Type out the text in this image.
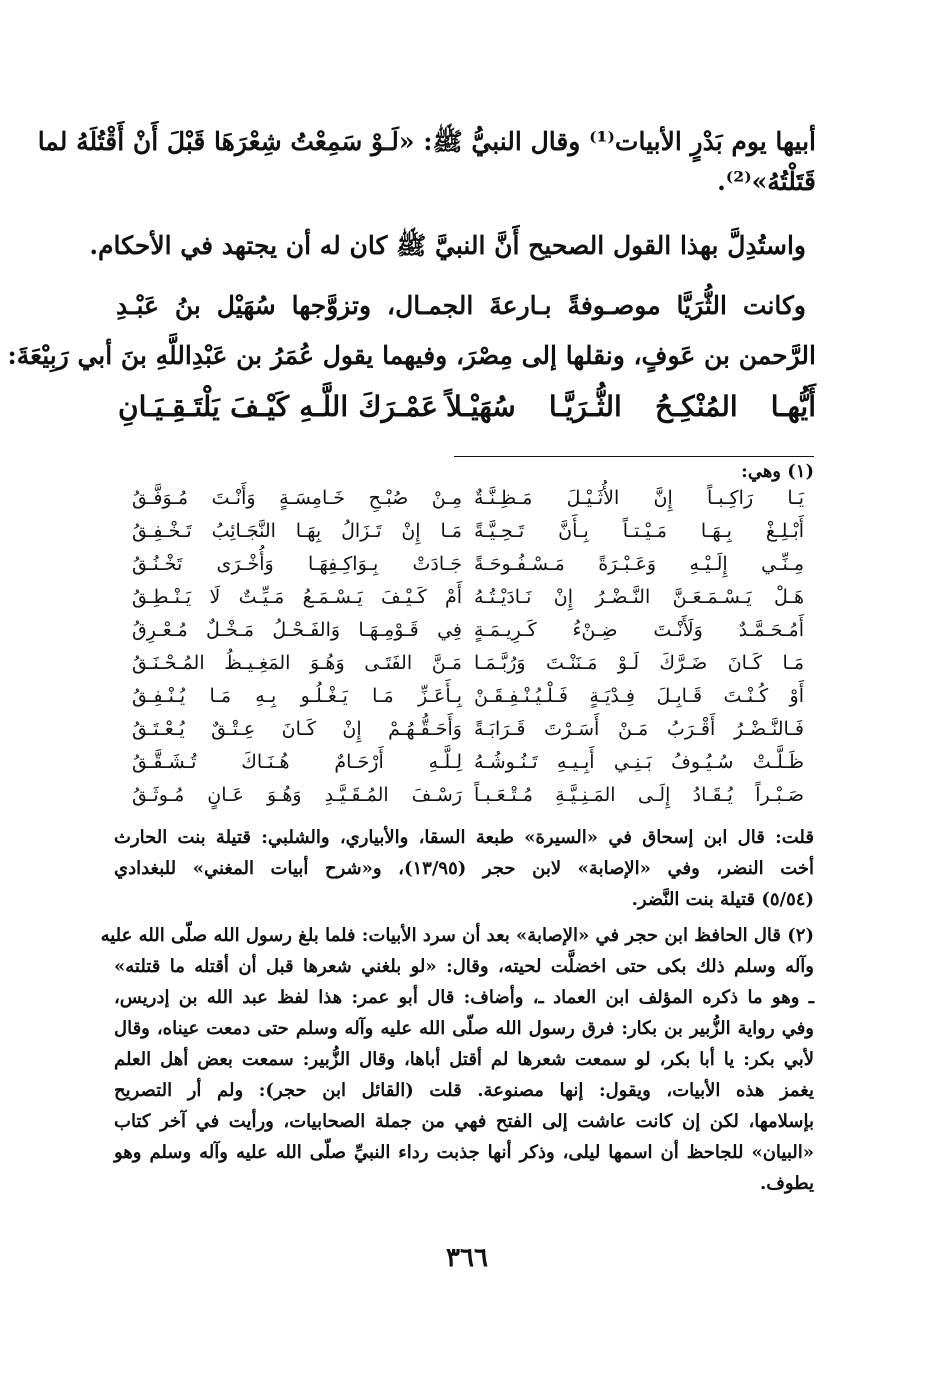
أبيها يوم بَدْرٍ الأبيات⁽¹⁾ وقال النبيُّ ﷺ: «لَـوْ سَمِعْتُ شِعْرَهَا قَبْلَ أَنْ أَقْتُلَهُ لما
قَتَلْتُهُ»⁽²⁾.
واستُدِلَّ بهذا القول الصحيح أَنَّ النبيَّ ﷺ كان له أن يجتهد في الأحكام.
وكانت الثُّرَيَّا موصـوفةً بـارعةَ الجمـال، وتزوَّجها سُهَيْل بنُ عَبْـدِ
الرَّحمن بن عَوفٍ، ونقلها إلى مِصْرَ، وفيهما يقول عُمَرُ بن عَبْدِاللَّهِ بنَ أبي رَبِيْعَةَ:
أَيُّهـا المُنْكِـحُ الثُّـرَيَّـا سُهَيْـلاً
عَمْـرَكَ اللَّـهِ كَيْـفَ يَلْتَـقِـيَـانِ
(١) وهي:
يَـا رَاكِـبـاً إِنَّ الأُثَـيْـلَ مَـظِـنَّـةٌ
أَبْـلِـغْ بِـهَـا مَـيْـتـاً بِـأَنَّ تَـحِـيَّـةً
مِـنِّـي إِلَـيْـهِ وَعَـبْـرَةً مَـسْـفُـوحَـةً
هَـلْ يَـسْـمَـعَـنَّ النَّـضْـرُ إِنْ نَـادَيْـتُـهُ
أَمُـحَـمَّـدٌ وَلَأَنْـتَ ضِـنْءُ كَـرِيـمَـةٍ
مَـا كَـانَ ضَـرَّكَ لَـوْ مَـنَنْـتَ وَرُبَّـمَـا
أَوْ كُـنْـتَ قَـابِـلَ فِـدْيَـةٍ فَـلْـيُـنْـفِـقَـنْ
فَـالنَّـضْـرُ أَقْـرَبُ مَـنْ أَسَـرْتَ قَـرَابَـةً
ظَـلَّـتْ سُـيُـوفُ بَـنِـي أَبِـيـهِ تَـنُـوشُـهُ
صَـبْـراً يُـقَـادُ إِلَـى المَـنِـيَّـةِ مُـتْـعَـبـاً
مِـنْ صُبْـحِ خَـامِسَـةٍ وَأَنْـتَ مُـوَفَّـقُ
مَـا إِنْ تَـزَالُ بِهَـا النَّجَـائِبُ تَـخْـفِـقُ
جَـادَتْ بِـوَاكِـفِهَـا وَأُخْـرَى تَخْـنُـقُ
أَمْ كَـيْـفَ يَـسْـمَـعُ مَـيِّـتٌ لَا يَـنْـطِـقُ
فِي قَـوْمِـهَـا وَالفَـحْـلُ مَـخْـلٌ مُـعْـرِقُ
مَـنَّ الفَتَـى وَهُـوَ المَغِـيـظُ المُـحْـنَـقُ
بِـأَعَـزِّ مَـا يَـغْـلُـو بِـهِ مَـا يُـنْـفِـقُ
وَأَحَـقُّـهُـمْ إِنْ كَـانَ عِـتْـقٌ يُـعْـتَـقُ
لِـلَّـهِ أَرْحَـامٌ هُـنَـاكَ تُـشَـقَّـقُ
رَسْـفَ المُـقَـيَّـدِ وَهُـوَ عَـانٍ مُـوثَـقُ
قلت: قال ابن إسحاق في «السيرة» طبعة السقا، والأبياري، والشلبي: قتيلة بنت الحارث
أخت النضر، وفي «الإصابة» لابن حجر (١٣/٩٥)، و«شرح أبيات المغني» للبغدادي
(٥/٥٤) قتيلة بنت النَّضر.
(٢) قال الحافظ ابن حجر في «الإصابة» بعد أن سرد الأبيات: فلما بلغ رسول الله صلّى الله عليه
وآله وسلم ذلك بكى حتى اخضلَّت لحيته، وقال: «لو بلغني شعرها قبل أن أقتله ما قتلته»
ـ وهو ما ذكره المؤلف ابن العماد ـ، وأضاف: قال أبو عمر: هذا لفظ عبد الله بن إدريس،
وفي رواية الزُّبير بن بكار: فرق رسول الله صلّى الله عليه وآله وسلم حتى دمعت عيناه، وقال
لأبي بكر: يا أبا بكر، لو سمعت شعرها لم أقتل أباها، وقال الزُّبير: سمعت بعض أهل العلم
يغمز هذه الأبيات، ويقول: إنها مصنوعة. قلت (القائل ابن حجر): ولم أر التصريح
بإسلامها، لكن إن كانت عاشت إلى الفتح فهي من جملة الصحابيات، ورأيت في آخر كتاب
«البيان» للجاحظ أن اسمها ليلى، وذكر أنها جذبت رداء النبيِّ صلّى الله عليه وآله وسلم وهو
يطوف.
٣٦٦
